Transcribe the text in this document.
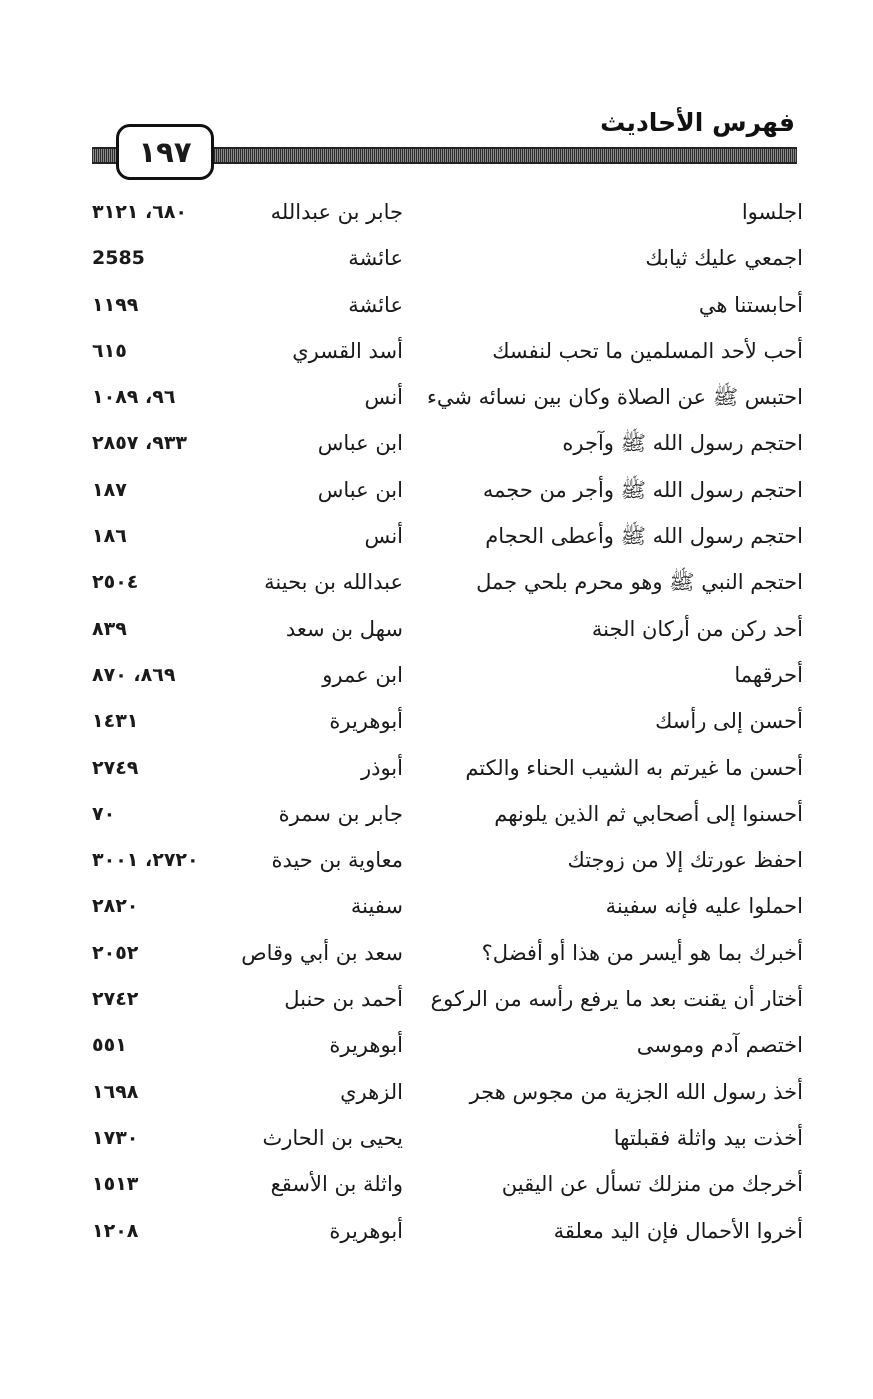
فهرس الأحاديث
١٩٧
اجلسوا
جابر بن عبدالله
٦٨٠، ٣١٢١
اجمعي عليك ثيابك
عائشة
2585
أحابستنا هي
عائشة
١١٩٩
أحب لأحد المسلمين ما تحب لنفسك
أسد القسري
٦١٥
احتبس ﷺ عن الصلاة وكان بين نسائه شيء
أنس
٩٦، ١٠٨٩
احتجم رسول الله ﷺ وآجره
ابن عباس
٩٣٣، ٢٨٥٧
احتجم رسول الله ﷺ وأجر من حجمه
ابن عباس
١٨٧
احتجم رسول الله ﷺ وأعطى الحجام
أنس
١٨٦
احتجم النبي ﷺ وهو محرم بلحي جمل
عبدالله بن بحينة
٢٥٠٤
أحد ركن من أركان الجنة
سهل بن سعد
٨٣٩
أحرقهما
ابن عمرو
٨٦٩، ٨٧٠
أحسن إلى رأسك
أبوهريرة
١٤٣١
أحسن ما غيرتم به الشيب الحناء والكتم
أبوذر
٢٧٤٩
أحسنوا إلى أصحابي ثم الذين يلونهم
جابر بن سمرة
٧٠
احفظ عورتك إلا من زوجتك
معاوية بن حيدة
٢٧٢٠، ٣٠٠١
احملوا عليه فإنه سفينة
سفينة
٢٨٢٠
أخبرك بما هو أيسر من هذا أو أفضل؟
سعد بن أبي وقاص
٢٠٥٢
أختار أن يقنت بعد ما يرفع رأسه من الركوع
أحمد بن حنبل
٢٧٤٢
اختصم آدم وموسى
أبوهريرة
٥٥١
أخذ رسول الله الجزية من مجوس هجر
الزهري
١٦٩٨
أخذت بيد واثلة فقبلتها
يحيى بن الحارث
١٧٣٠
أخرجك من منزلك تسأل عن اليقين
واثلة بن الأسقع
١٥١٣
أخروا الأحمال فإن اليد معلقة
أبوهريرة
١٢٠٨
